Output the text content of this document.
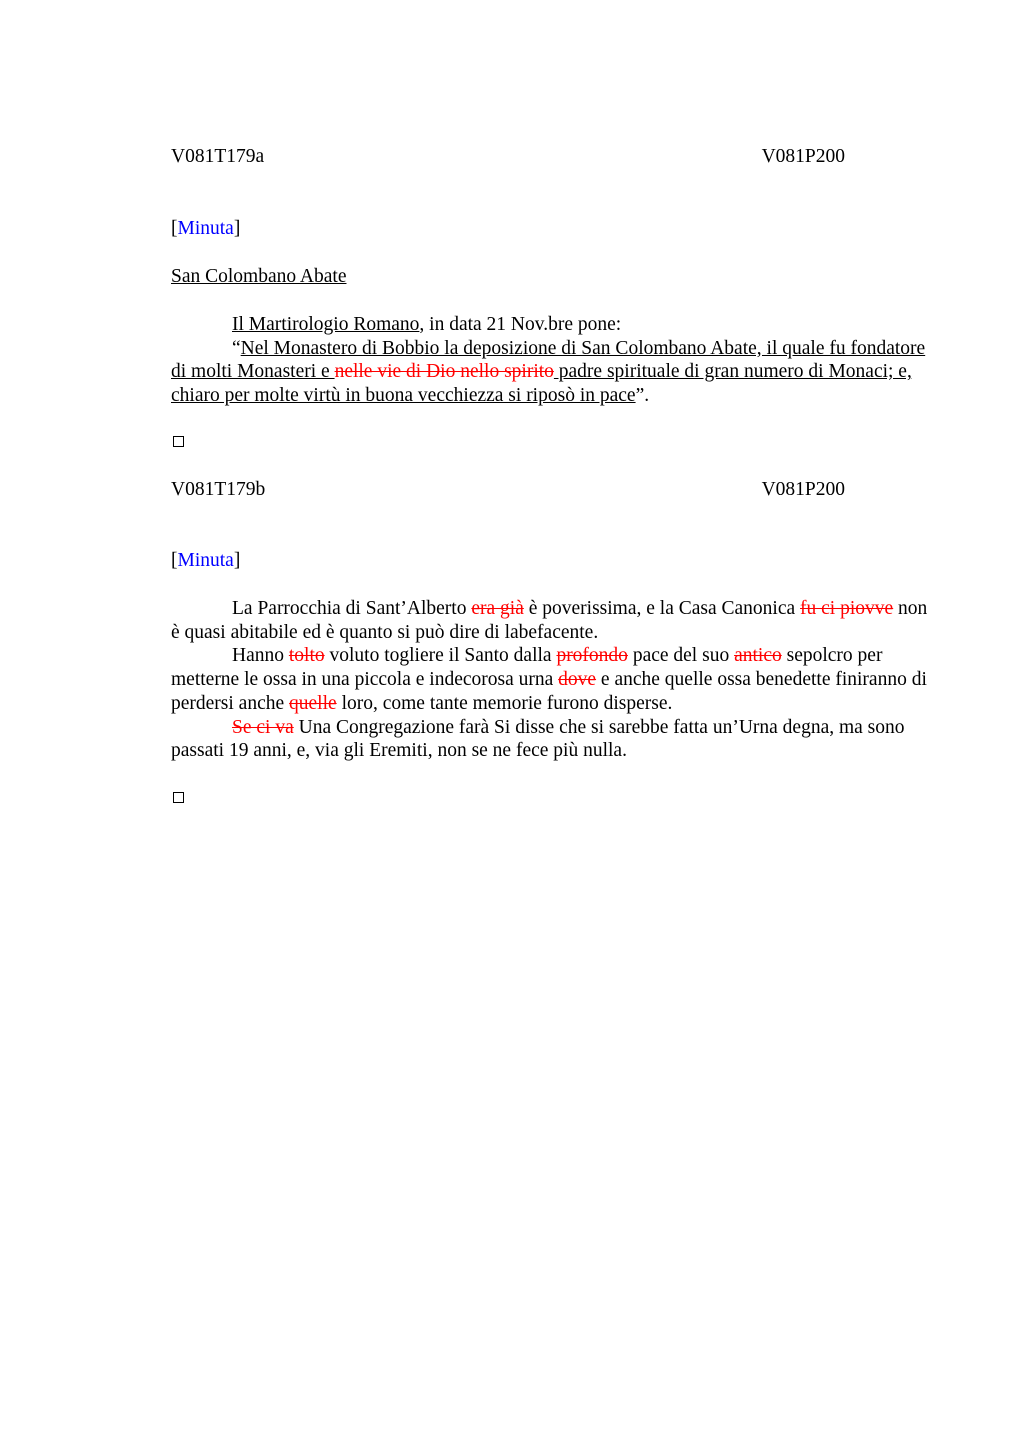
V081T179a	V081P200
[Minuta]
San Colombano Abate

Il Martirologio Romano, in data 21 Nov.bre pone:

“Nel Monastero di Bobbio la deposizione di San Colombano Abate, il quale fu fondatore di molti Monasteri e nelle vie di Dio nello spirito padre spirituale di gran numero di Monaci; e, chiaro per molte virtù in buona vecchiezza si riposò in pace”.

V081T179b	V081P200
[Minuta]

La Parrocchia di Sant’Alberto era già è poverissima, e la Casa Canonica fu ci piovve non è quasi abitabile ed è quanto si può dire di labefacente.

Hanno tolto voluto togliere il Santo dalla profondo pace del suo antico sepolcro per metterne le ossa in una piccola e indecorosa urna dove e anche quelle ossa benedette finiranno di perdersi anche quelle loro, come tante memorie furono disperse.

Se ci va Una Congregazione farà Si disse che si sarebbe fatta un’Urna degna, ma sono passati 19 anni, e, via gli Eremiti, non se ne fece più nulla.
